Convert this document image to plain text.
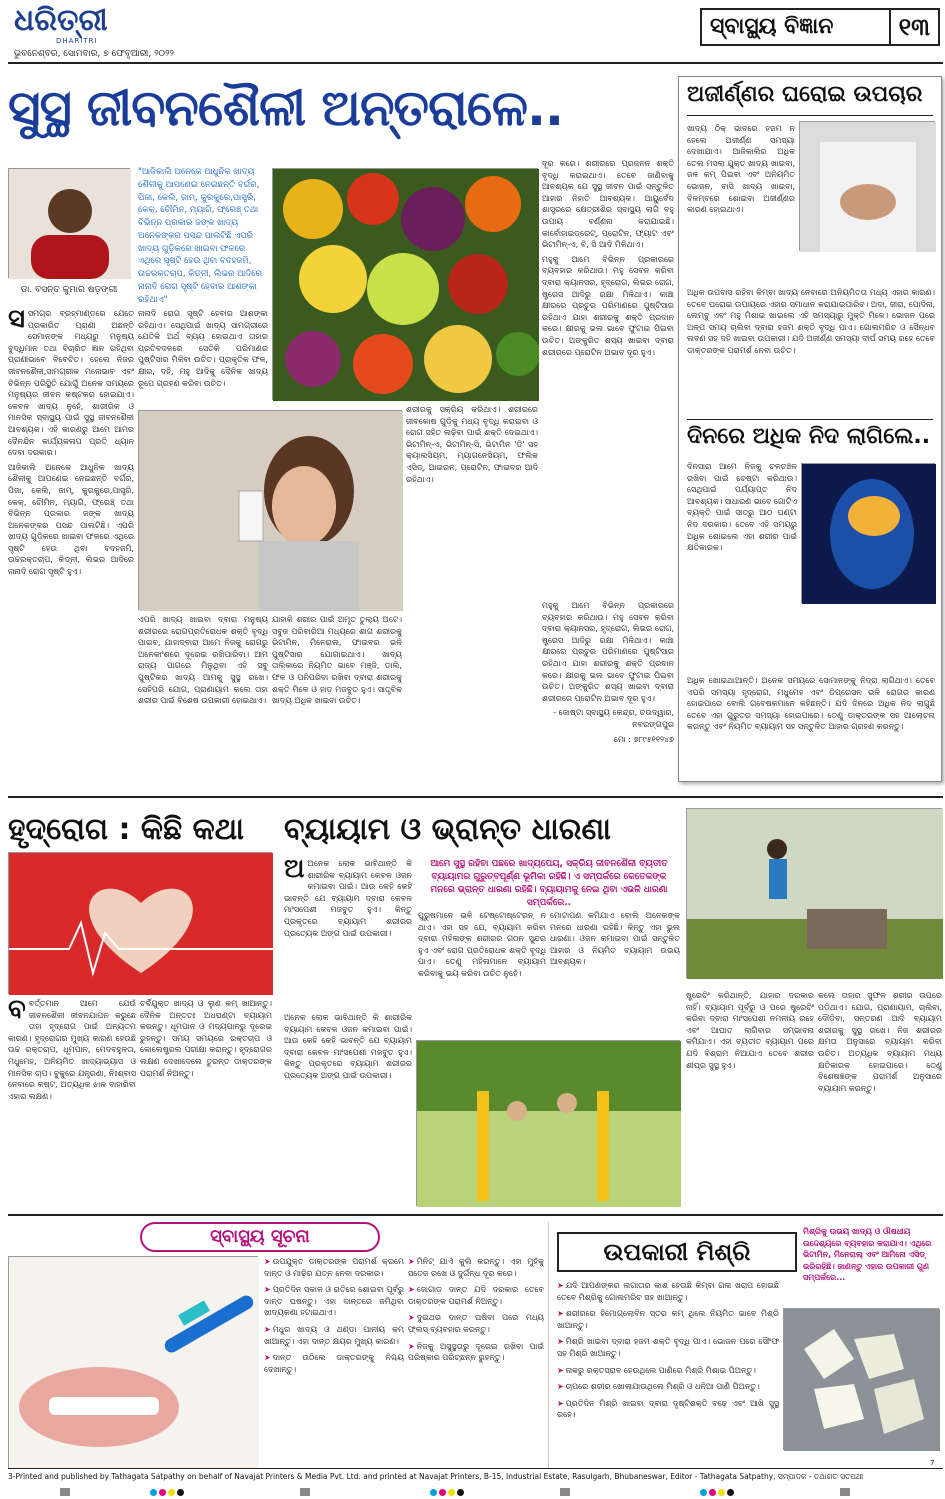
ଧରିତ୍ରୀ
DHARITRI
ଭୁବନେଶ୍ବର, ସୋମବାର, ୭ ଫେବୃଆରୀ, ୨୦୨୨
ସ୍ବାସ୍ଥ୍ୟ ବିଜ୍ଞାନ	୧୩
ସୁସ୍ଥ ଜୀବନଶୈଳୀ ଅନ୍ତରାଳେ..
ଡା. ବସନ୍ତ କୁମାର ଷଡ଼ଙ୍ଗୀ
"ଆଜିକାଲି ଅନେକେ ଆଧୁନିକ ଖାଦ୍ୟ ଶୈଳୀକୁ ଆପଣେଇ ନେଇଛନ୍ତି ବର୍ଗର, ପିଜା, କେଲି, ଜାମ୍‌, କୁରକୁରେ,ପାସ୍ତ୍ରି, କେକ୍‌, ଚୌମିନ, ମ୍ୟାଗି, ଫ୍ରେଞ୍ଚ୍‌ ତଥା ବିଭିନ୍ନ ପ୍ରକାର ଜଙ୍କ ଖାଦ୍ୟ ଅନେକଙ୍କର ପସନ୍ଦ ପାଲଟିଛି ଏପରି ଖାଦ୍ୟ ଗୁଡ଼ିକରେ ଖାଇବା ଫଳରେ ଏଥିରେ ସୃଷ୍ଟି ହେଉ ଥିବା ବଦହଜମି, ଉଚ୍ଚରକ୍ତଚାପ, କିଡ୍‌ନୀ, ଲିଭର ଆଦିରେ ନାନାଦି ରୋଗ ସୃଷ୍ଟି ହେବାର ଆଶଙ୍କା ରହିଥାଏ"

ସସମଗ୍ର ବ୍ରହ୍ମାଣ୍ଡରେ ଯେତେ ପ୍ରକାରିତ ପ୍ରାଣୀ ଅଛନ୍ତି ସେମାନଙ୍କ ମଧ୍ୟରୁ ମନୁଷ୍ୟ ବୁଦ୍ଧିମାନ ତଥା ବିଚାରିତ ଜ୍ଞାନ ରହିଥିବା ପ୍ରାଣୀଭାବେ ବିବେଚିତ। ହେଲେ ନିଜର ଜୀବନଶୈଳୀ,ସାମଗ୍ରୀକ ମନୋଭାବ ଏବଂ ବିଭିନ୍ନ ପରିସ୍ଥିତି ଯୋଗୁଁ ଅନେକ ସମୟରେ ମନୁଷ୍ୟର ଜୀବନ କଷ୍ଟକର ହୋଇଯାଏ। କେବଳ ଖାଦ୍ୟ ନୁହେଁ, ଶାରୀରିକ ଓ ମାନସିକ ସ୍ବାସ୍ଥ୍ୟ ପାଇଁ ସୁସ୍ଥ ଜୀବନଶୈଳୀ ଆବଶ୍ୟକ। ଏହି କାରଣରୁ ଆମେ ଆମର ଦୈନନ୍ଦିନ କାର୍ଯ୍ୟକଳାପ ପ୍ରତି ଧ୍ୟାନ ଦେବା ଦରକାର।

ଆଜିକାଲି ଅନେକେ ଆଧୁନିକ ଖାଦ୍ୟ ଶୈଳୀକୁ ଆପଣେଇ ନେଇଛନ୍ତି ବର୍ଗର, ପିଜା, କେଲି, ଜାମ୍‌, କୁରକୁରେ,ପାସ୍ତ୍ରି, କେକ୍‌, ଚୌମିନ, ମ୍ୟାଗି, ଫ୍ରେଞ୍ଚ୍‌ ତଥା ବିଭିନ୍ନ ପ୍ରକାର ଜଙ୍କ ଖାଦ୍ୟ ଅନେକଙ୍କର ପସନ୍ଦ ପାଲଟିଛି। ଏପରି ଖାଦ୍ୟ ଗୁଡ଼ିକରେ ଖାଇବା ଫଳରେ ଏଥିରେ ସୃଷ୍ଟି ହେଉ ଥିବା ବଦହଜମି, ଉଚ୍ଚରକ୍ତଚାପ, କିଡ୍‌ନୀ, ଲିଭର ଆଦିରେ ନାନାଦି ରୋଗ ସୃଷ୍ଟି ହୁଏ।

ନାନାଦି ରୋଗ ସୃଷ୍ଟି ହେବାର ଆଶଙ୍କା ରହିଥାଏ। ସେଥିପାଇଁ ଖାଦ୍ୟ ସାମଗ୍ରୀରେ ଯେତିକି ଅର୍ଥ ବ୍ୟୟ ହୋଇଥାଏ ତାହାର ପ୍ରତିବଦଳରେ ସେତିକି ପରିମାଣର ପୁଷ୍ଟିସାର ମିଳିବା ଉଚିତ। ପ୍ରାକୃତିକ ଫଳ, କ୍ଷୀର, ଦହି, ମହୁ ଆଦିକୁ ଦୈନିକ ଖାଦ୍ୟ ରୂପେ ଗ୍ରହଣ କରିବା ଉଚିତ।
ଏପରି ଖାଦ୍ୟ ଖାଇବା ଦ୍ବାରା ମନୁଷ୍ୟ ଶରୀରରେ ରୋଗପ୍ରତିରୋଧକ ଶକ୍ତି ବୃଦ୍ଧି ପାଇବ, ଯାହାଦ୍ବାରା ଆମେ ନିଜକୁ ରୋଗରୁ ଅନେକାଂଶରେ ଦୂରେଇ ରଖିପାରିବା। ଆମ ରାଜ୍ୟ ପାଗରେ ମିଳୁଥିବା ଏହି ସବୁ ପୁଷ୍ଟିକର ଖାଦ୍ୟ ଆମକୁ ସୁସ୍ଥ ରଖେ। ସେହିପରି ଯୋଗ, ପ୍ରାଣାୟାମ କଲେ ତାହା ଶରୀର ପାଇଁ ବିଶେଷ ଉପକାରୀ ହୋଇଥାଏ।
ଯାହାକି ଶରୀର ପାଇଁ ଅମୃତ ତୁଲ୍ୟ ଅଟେ। ସବୁଜ ପରିବାରିଆ ମଧ୍ୟରେ ଶାଗ ଶରୀରକୁ ଭିଟାମିନ, ମିନେରାଲ, ଫାଇବର ଭଳି ପୁଷ୍ଟିସାର ଯୋଗାଇଥାଏ। ଖାଦ୍ୟ ତାଲିକାରେ ନିୟମିତ ଭାବେ ମଞ୍ଜି, ଡାଲି, ଫଳ ଓ ପନିପରିବା ରଖିବା ଦ୍ବାରା ଶରୀରକୁ ଶକ୍ତି ମିଳେ ଓ ହାଡ଼ ମଜବୁତ ହୁଏ। ସାତ୍ତ୍ବିକ ଖାଦ୍ୟ ଅଧିକ ଖାଇବା ଉଚିତ।
ଶରୀରକୁ ସକ୍ରିୟ କରିଥାଏ। ଶରୀରରେ ଜୀବକୋଷ ଗୁଡ଼ିକୁ ମଧ୍ୟ ବୃଦ୍ଧି କରାଇବା ଓ ରୋଗ ସହିତ ଲଢ଼ିବା ପାଇଁ ଶକ୍ତି ଦେଇଥାଏ। ଭିଟାମିନ୍‌-ଏ, ଭିଟାମିନ୍‌-ସି, ଭିଟାମିନ 'ଡି' ସହ କ୍ୟାଲସିୟମ, ମ୍ୟାଗନେସିୟମ, ଫଲିକ ଏସିଡ୍‌, ଆଇରନ, ପ୍ରୋଟିନ, ଫାଇବର ଆଦି ରହିଥାଏ।

ଦୂର କରେ। ଶରୀରରେ ପ୍ରଜନନ ଶକ୍ତି ବୃଦ୍ଧି କରାଇଥାଏ। ତେବେ ଜାଣିବାକୁ ଆବଶ୍ୟକ ଯେ ସୁସ୍ଥ ଜୀବନ ପାଇଁ ସନ୍ତୁଳିତ ଆହାର ନିହାତି ଆବଶ୍ୟକ। ଆୟୁର୍ବେଦ ଶାସ୍ତ୍ରରେ କ୍ଷେତ୍ରୀଶିର ସ୍ବାସ୍ଥ୍ୟ ଲାଗି ବହୁ ଉପାୟ ବର୍ଣ୍ଣନା କରାଯାଇଛି। କାର୍ବୋହାଇଡ୍ରେଟ୍‌, ପ୍ରୋଟିନ, ଫ୍ୟାଟ ଏବଂ ଭିଟାମିନ୍‌-ଏ, ବି, ସି ଆଦି ମିଳିଥାଏ।

ମହୁକୁ ଆମେ ବିଭିନ୍ନ ପ୍ରକାରରେ ବ୍ୟବହାର କରିଥାଉ। ମହୁ ସେବନ କରିବା ଦ୍ବାରା କ୍ୟାନସର, ହୃଦ୍‌ରୋଗ, ଲିଭର ରୋଗ, ଷ୍ଟ୍ରେସ ଆଦିରୁ ରକ୍ଷା ମିଳିଥାଏ। କାଞ୍ଚା କ୍ଷୀରରେ ପ୍ରଚୁର ପରିମାଣରେ ପୁଷ୍ଟିସାର ରହିଥାଏ ଯାହା ଶରୀରକୁ ଶକ୍ତି ପ୍ରଦାନ କରେ। କ୍ଷୀରକୁ ଭଲ ଭାବେ ଫୁଟାଇ ପିଇବା ଉଚିତ। ଅଙ୍କୁରିତ ଶସ୍ୟ ଖାଇବା ଦ୍ବାରା ଶରୀରରେ ପ୍ରୋଟିନ ଅଭାବ ଦୂର ହୁଏ।

ମହୁକୁ ଆମେ ବିଭିନ୍ନ ପ୍ରକାରରେ ବ୍ୟବହାର କରିଥାଉ। ମହୁ ସେବନ କରିବା ଦ୍ବାରା କ୍ୟାନସର, ହୃଦ୍‌ରୋଗ, ଲିଭର ରୋଗ, ଷ୍ଟ୍ରେସ ଆଦିରୁ ରକ୍ଷା ମିଳିଥାଏ। କାଞ୍ଚା କ୍ଷୀରରେ ପ୍ରଚୁର ପରିମାଣରେ ପୁଷ୍ଟିସାର ରହିଥାଏ ଯାହା ଶରୀରକୁ ଶକ୍ତି ପ୍ରଦାନ କରେ। କ୍ଷୀରକୁ ଭଲ ଭାବେ ଫୁଟାଇ ପିଇବା ଉଚିତ। ଅଙ୍କୁରିତ ଶସ୍ୟ ଖାଇବା ଦ୍ବାରା ଶରୀରରେ ପ୍ରୋଟିନ ଅଭାବ ଦୂର ହୁଏ।

- ଜୋଷ୍ଟା ସ୍ବାସ୍ଥ୍ୟ କେନ୍ଦ୍ର, ଚଉଦ୍ୱାର, ନବରଙ୍ଗପୁର

ମୋ : ୭୮୯୫୧୧୨୪୭

ଅଜୀର୍ଣ୍ଣର ଘରୋଇ ଉପଚାର
ଖାଦ୍ୟ ଠିକ୍‌ ଭାବରେ ହଜମ ନ ହେଲେ ଅଜୀର୍ଣ୍ଣ ସମସ୍ୟା ଦେଖାଯାଏ। ଆଜିକାଲିର ଅଧିକ ତେଲ ମସଲା ଯୁକ୍ତ ଖାଦ୍ୟ ଖାଇବା, ଜଳ କମ୍‌ ପିଇବା ଏବଂ ଅନିୟମିତ ଭୋଜନ, ବାସି ଖାଦ୍ୟ ଖାଇବା, ବିଳମ୍ବରେ ଶୋଇବା ଅଜୀର୍ଣ୍ଣର କାରଣ ହୋଇଥାଏ।
ଅଧିକ ଉପବାସ ରହିବା କିମ୍ବା ଖାଦ୍ୟ ନେବାରେ ଅନିୟମିତତା ମଧ୍ୟ ଏହାର କାରଣ। ତେବେ ଘରୋଇ ଉପାୟରେ ଏହାର ସମାଧାନ କରାଯାଇପାରିବ। ଅଦା, ଜୀରା, ପୋଦିନା, ଲେମ୍ବୁ ଏବଂ ମହୁ ମିଶାଇ ଖାଇଲେ ଏହି ସମସ୍ୟାରୁ ମୁକ୍ତି ମିଳେ। ଭୋଜନ ପରେ ଅଳ୍ପ ସମୟ ଚାଲିବା ଦ୍ବାରା ହଜମ ଶକ୍ତି ବୃଦ୍ଧି ପାଏ। ଗୋଲମରିଚ ଓ ସୈନ୍ଧବ ଲବଣ ସହ ଦହି ଖାଇବା ଉପକାରୀ। ଯଦି ଅଜୀର୍ଣ୍ଣ ସମସ୍ୟା ଦୀର୍ଘ ସମୟ ରହେ ତେବେ ଡାକ୍ତରଙ୍କ ପରାମର୍ଶ ନେବା ଉଚିତ।
ଦିନରେ ଅଧିକ ନିଦ ଲାଗିଲେ..
ଦିନସାରା ଆମେ ନିଜକୁ ଚଳଚଞ୍ଚଳ ରଖିବା ପାଇଁ ଚେଷ୍ଟା କରିଥାଉ। ସେଥିପାଇଁ ପର୍ଯ୍ୟାପ୍ତ ନିଦ ଆବଶ୍ୟକ। ସାଧାରଣ ଭାବେ ଗୋଟିଏ ବ୍ୟକ୍ତି ପାଇଁ ସାତରୁ ଆଠ ଘଣ୍ଟା ନିଦ ଦରକାର। ତେବେ ଏହି ସମୟରୁ ଅଧିକ ଶୋଇଲେ ଏହା ଶରୀର ପାଇଁ କ୍ଷତିକାରକ।
ଅଧିକ ଖୋଇଥାଆନ୍ତି। ଅନେକ ସମୟରେ ସୋମାନଙ୍କୁ ନିଦ୍ରା ଲାଗିଥାଏ। ତେବେ ଏପରି ସମସ୍ୟା ହୃଦ୍‌ରୋଗ, ମଧୁମେହ ଏବଂ ଡିପ୍ରେସନ ଭଳି ରୋଗର କାରଣ ହୋଇପାରେ ବୋଲି ଗବେଷକମାନେ କହିଛନ୍ତି। ଯଦି ଦିନରେ ଅଧିକ ନିଦ ଲାଗୁଛି ତେବେ ଏହା ଗୁରୁତର ସମସ୍ୟା ହୋଇପାରେ। ତେଣୁ ଡାକ୍ତରଙ୍କ ସହ ଆଲୋଚନା କରନ୍ତୁ ଏବଂ ନିୟମିତ ବ୍ୟାୟାମ ସହ ସନ୍ତୁଳିତ ଆହାର ଗ୍ରହଣ କରନ୍ତୁ।
ହୃଦ୍‌ରୋଗ : କିଛି କଥା

ବବର୍ତ୍ତମାନ ଆମେ ଯେଉଁ ଜୀବନଶୈଳୀ ଜୀବନଯାପନ କରୁଛେ ତାହା ହୃଦ୍‌ରୋଗ ପାଇଁ ଅନ୍ୟତମ କାରଣ। ହୃଦ୍‌ରୋଗର ମୁଖ୍ୟ କାରଣ ହେଉଛି ଉଚ୍ଚ ରକ୍ତଚାପ, ଧୂମପାନ, ମେଦବହୁଳତା, ମଧୁମେହ, ଅନିୟମିତ ଖାଦ୍ୟାଭ୍ୟାସ ଓ ମାନସିକ ଚାପ। ବୁକୁରେ ଯନ୍ତ୍ରଣା, ନିଃଶ୍ବାସ ନେବାରେ କଷ୍ଟ, ଅତ୍ୟଧିକ ଝାଳ ବାହାରିବା ଏହାର ଲକ୍ଷଣ।

ଚର୍ବିଯୁକ୍ତ ଖାଦ୍ୟ ଓ ଲୁଣ କମ୍‌ ଖାଆନ୍ତୁ। ଦୈନିକ ଅନ୍ତତଃ ଅଧଘଣ୍ଟା ବ୍ୟାୟାମ କରନ୍ତୁ। ଧୂମପାନ ଓ ମଦ୍ୟପାନରୁ ଦୂରେଇ ରୁହନ୍ତୁ। ସମୟ ସମୟରେ ରକ୍ତଚାପ ଓ କୋଲେଷ୍ଟ୍ରଲ ପରୀକ୍ଷା କରାନ୍ତୁ। ହୃଦ୍‌ରୋଗର ଲକ୍ଷଣ ଦେଖାଦେଲେ ତୁରନ୍ତ ଡାକ୍ତରଙ୍କ ପରାମର୍ଶ ନିଅନ୍ତୁ।
ବ୍ୟାୟାମ ଓ ଭ୍ରାନ୍ତ ଧାରଣା

ଅଅନେକ ଲୋକ ଭାବିଥାନ୍ତି କି ଶାରୀରିକ ବ୍ୟାୟାମ କେବଳ ଓଜନ କମାଇବା ପାଇଁ। ଆଉ କେହି କେହି ଭାବନ୍ତି ଯେ ବ୍ୟାୟାମ ଦ୍ବାରା କେବଳ ମାଂସପେଶୀ ମଜବୁତ ହୁଏ। କିନ୍ତୁ ପ୍ରକୃତରେ ବ୍ୟାୟାମ ଶରୀରର ପ୍ରତ୍ୟେକ ଅଙ୍ଗ ପାଇଁ ଉପକାରୀ।

ଆମେ ସୁସ୍ଥ ରହିବା ପଛରେ ଖାଦ୍ୟପେୟ, ସକ୍ରିୟ ଜୀବନଶୈଳୀ ବ୍ୟତୀତ ବ୍ୟାୟାମର ଗୁରୁତ୍ବପୂର୍ଣ୍ଣ ଭୂମିକା ରହିଛି। ଏ ସମ୍ପର୍କରେ କେତେକଙ୍କ ମନରେ ଭ୍ରାନ୍ତ ଧାରଣା ରହିଛି। ବ୍ୟାୟାମକୁ ନେଇ ଥିବା ଏଭଳି ଧାରଣା ସମ୍ପର୍କରେ..
ପୁରୁଷମାନେ ଭଳି ଟେଷ୍ଟୋଷ୍ଟେରନ୍‌ ନ ଥାଏ। ଏହା ସହ ଯେ, ବ୍ୟାୟାମ କରିବା ଦ୍ବାରା ମହିଳାଙ୍କ ଶରୀରର ଗଠନ ସୁନ୍ଦର ହୁଏ ଏବଂ ରୋଗ ପ୍ରତିରୋଧକ ଶକ୍ତି ବୃଦ୍ଧି ପାଏ। ତେଣୁ ମହିଳାମାନେ ବ୍ୟାୟାମ କରିବାକୁ ଭୟ କରିବା ଉଚିତ ନୁହେଁ।
ମୋଟାପଣ କମିଯାଏ ବୋଲି ଅନେକଙ୍କ ମନରେ ଧାରଣା ରହିଛି। କିନ୍ତୁ ଏହା ଭୁଲ ଧାରଣା। ଓଜନ କମାଇବା ପାଇଁ ସନ୍ତୁଳିତ ଆହାର ଓ ନିୟମିତ ବ୍ୟାୟାମ ଉଭୟ ଆବଶ୍ୟକ।
ଅନେକ ଲୋକ ଭାବିଥାନ୍ତି କି ଶାରୀରିକ ବ୍ୟାୟାମ କେବଳ ଓଜନ କମାଇବା ପାଇଁ। ଆଉ କେହି କେହି ଭାବନ୍ତି ଯେ ବ୍ୟାୟାମ ଦ୍ବାରା କେବଳ ମାଂସପେଶୀ ମଜବୁତ ହୁଏ। କିନ୍ତୁ ପ୍ରକୃତରେ ବ୍ୟାୟାମ ଶରୀରର ପ୍ରତ୍ୟେକ ଅଙ୍ଗ ପାଇଁ ଉପକାରୀ।
ଷ୍ଟ୍ରେଚିଂ କରିଥାନ୍ତି, ଯାହାର ଦରକାର ନାହିଁ। ବ୍ୟାୟାମ ପୂର୍ବରୁ ଓ ପରେ ଷ୍ଟ୍ରେଚିଂ କରିବା ଦ୍ବାରା ମାଂସପେଶୀ ନମନୀୟ ରହେ ଏବଂ ଆଘାତ ଲାଗିବାର ସମ୍ଭାବନା କମିଯାଏ। ଏହା ବ୍ୟତୀତ ବ୍ୟାୟାମ ପରେ ଯଦି ବିଶ୍ରାମ ନିଆଯାଏ ତେବେ ଶରୀର ଶୀଘ୍ର ସୁସ୍ଥ ହୁଏ।
କଲେ ତାହାର ସୁଫଳ ଶରୀର ଉପରେ ପଡ଼ିଥାଏ। ଯୋଗ, ପ୍ରାଣାୟାମ, ଚାଲିବା, ଦୌଡ଼ିବା, ସନ୍ତରଣ ଆଦି ବ୍ୟାୟାମ ଶରୀରକୁ ସୁସ୍ଥ ରଖେ। ନିଜ ଶରୀରର କ୍ଷମତା ଅନୁସାରେ ବ୍ୟାୟାମ କରିବା ଉଚିତ। ଅତ୍ୟଧିକ ବ୍ୟାୟାମ ମଧ୍ୟ କ୍ଷତିକାରକ ହୋଇପାରେ। ତେଣୁ ବିଶେଷଜ୍ଞଙ୍କ ପରାମର୍ଶ ଅନୁସାରେ ବ୍ୟାୟାମ କରନ୍ତୁ।
ସ୍ବାସ୍ଥ୍ୟ ସୂଚନା
➤ ଉପଯୁକ୍ତ ଡାକ୍ତରଙ୍କ ପରାମର୍ଶ କ୍ରମେ ଦାନ୍ତ ଓ ମାଢ଼ିର ଯତ୍ନ ନେବା ଦରକାର।
➤ ପ୍ରତିଦିନ ସକାଳ ଓ ରାତିରେ ଶୋଇବା ପୂର୍ବରୁ ଦାନ୍ତ ଘଷନ୍ତୁ। ଏହା ଦାନ୍ତରେ ଜମିଥିବା ଖାଦ୍ୟକଣା ହଟାଇଥାଏ।
➤ ମଧୁର ଖାଦ୍ୟ ଓ ଥଣ୍ଡା ପାନୀୟ କମ୍‌ ଖାଆନ୍ତୁ। ଏହା ଦାନ୍ତ କ୍ଷୟର ମୁଖ୍ୟ କାରଣ।
➤ ଦାନ୍ତ ଉଠିଲେ ଡାକ୍ତରଙ୍କୁ ନିଶ୍ଚୟ ଦେଖାନ୍ତୁ।
➤ ମିନିଟ୍‌ ଯାଏଁ କୁଲି କରନ୍ତୁ। ଏହା ମୁହଁକୁ ସତେଜ ରଖେ ଓ ଦୁର୍ଗନ୍ଧ ଦୂର କରେ।
➤ ଜୋଗାଡ଼ ଦାନ୍ତ ଯଦି ଦରକାର ତେବେ ଡାକ୍ତରଙ୍କ ପରାମର୍ଶ ନିଅନ୍ତୁ।
➤ ଦୁଇଥର ଦାନ୍ତ ଘଷିବା ପରେ ମଧ୍ୟ ଫ୍ଲସ୍‌ ବ୍ୟବହାର କରନ୍ତୁ।
➤ ନିଜକୁ ଅସୁସ୍ଥତାରୁ ଦୂରେଇ ରଖିବା ପାଇଁ ପରିଷ୍କାର ପରିଚ୍ଛନ୍ନ ରୁହନ୍ତୁ।
ଉପକାରୀ ମିଶ୍ରି
ମିଶ୍ରିକୁ ଉଭୟ ଖାଦ୍ୟ ଓ ଔଷଧୀୟ ଉଦ୍ଦେଶ୍ୟରେ ବ୍ୟବହାର କରାଯାଏ। ଏଥିରେ ଭିଟାମିନ, ମିନେରାଲ୍‌ ଏବଂ ଆମିନୋ ଏସିଡ୍‌ ଭରିରହିଛି। ଜାଣନ୍ତୁ ଏହାର ଉପକାରୀ ଗୁଣ ସମ୍ପର୍କରେ...
➤ ଯଦି ଆପଣଙ୍କର ଲଗାତାର କାଶ ହେଉଛି କିମ୍ବା ଗଳା ଖରାପ ହୋଇଛି ତେବେ ମିଶ୍ରିକୁ ଗୋଲମରିଚ ସହ ଖାଆନ୍ତୁ।
➤ ଶରୀରରେ ହିମୋଗ୍ଲୋବିନ ସ୍ତର କମ୍‌ ଥିଲେ ନିୟମିତ ଭାବେ ମିଶ୍ରି ଖାଆନ୍ତୁ।
➤ ମିଶ୍ରି ଖାଇବା ଦ୍ବାରା ହଜମ ଶକ୍ତି ବୃଦ୍ଧି ପାଏ। ଭୋଜନ ପରେ ସୌଂଫ ସହ ମିଶ୍ରି ଖାଆନ୍ତୁ।
➤ ନାକରୁ ରକ୍ତସ୍ରାବ ହେଉଥିଲେ ପାଣିରେ ମିଶ୍ରି ମିଶାଇ ପିଅନ୍ତୁ।
➤ ଚାପରେ ଶରୀର ଖୋଲାଯାଉଥିଲେ ମିଶ୍ରି ଓ ଧନିଆ ପାଣି ପିଅନ୍ତୁ।
➤ ପ୍ରତିଦିନ ମିଶ୍ରି ଖାଇବା ଦ୍ବାରା ଦୃଷ୍ଟିଶକ୍ତି ବଢ଼େ ଏବଂ ଆଖି ସୁସ୍ଥ ରହେ।
3-Printed and published by Tathagata Satpathy on behalf of Navajat Printers & Media Pvt. Ltd. and printed at Navajat Printers, B-15, Industrial Estate, Rasulgarh, Bhubaneswar, Editor - Tathagata Satpathy, ସମ୍ପାଦକ - ତଥାଗତ ସତପଥୀ
7
